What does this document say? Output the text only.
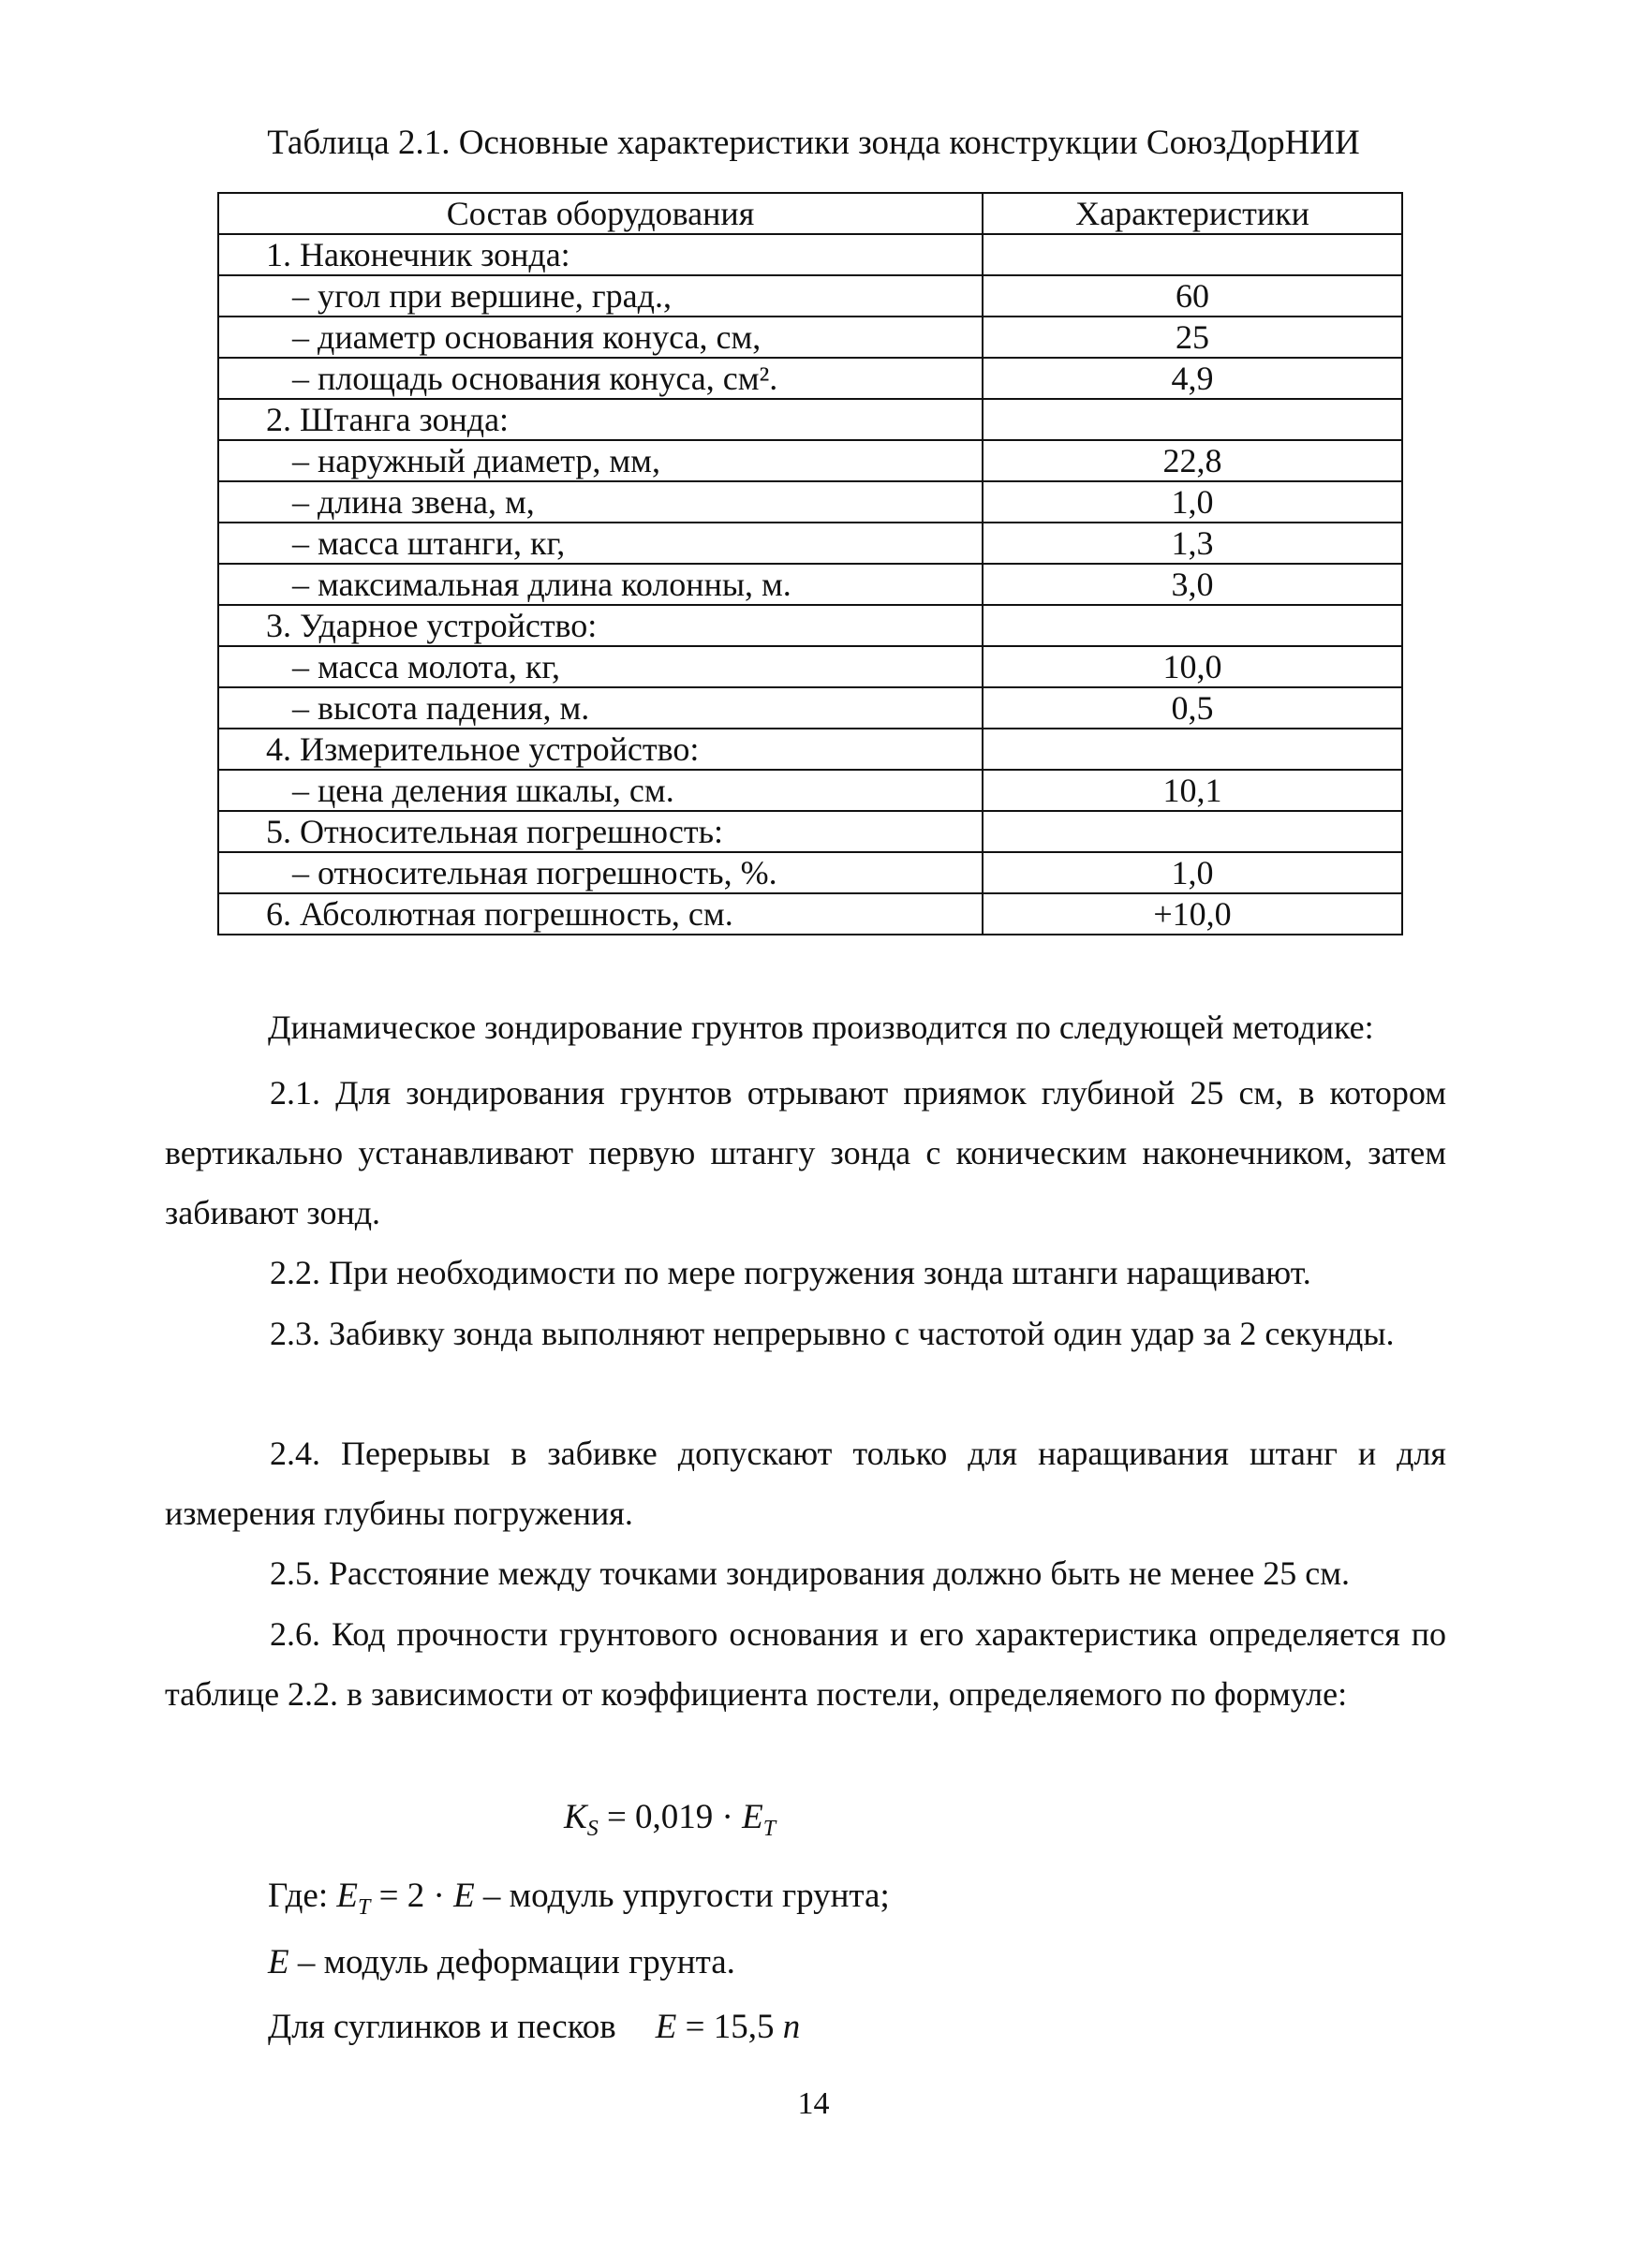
Таблица 2.1. Основные характеристики зонда конструкции СоюзДорНИИ
Состав оборудования	Характеристики
1. Наконечник зонда:	
– угол при вершине, град.,	60
– диаметр основания конуса, см,	25
– площадь основания конуса, см².	4,9
2. Штанга зонда:	
– наружный диаметр, мм,	22,8
– длина звена, м,	1,0
– масса штанги, кг,	1,3
– максимальная длина колонны, м.	3,0
3. Ударное устройство:	
– масса молота, кг,	10,0
– высота падения, м.	0,5
4. Измерительное устройство:	
– цена деления шкалы, см.	10,1
5. Относительная погрешность:	
– относительная погрешность, %.	1,0
6. Абсолютная погрешность, см.	+10,0
Динамическое зондирование грунтов производится по следующей методике:
2.1. Для зондирования грунтов отрывают приямок глубиной 25 см, в котором вертикально устанавливают первую штангу зонда с коническим наконечником, затем забивают зонд.
2.2. При необходимости по мере погружения зонда штанги наращивают.
2.3. Забивку зонда выполняют непрерывно с частотой один удар за 2 секунды.
2.4. Перерывы в забивке допускают только для наращивания штанг и для измерения глубины погружения.
2.5. Расстояние между точками зондирования должно быть не менее 25 см.
2.6. Код прочности грунтового основания и его характеристика определяется по таблице 2.2. в зависимости от коэффициента постели, определяемого по формуле:
$K_S = 0,019 \cdot E_T$
Где: $E_T = 2 \cdot E$ – модуль упругости грунта;
E – модуль деформации грунта.
Для суглинков и песков E = 15,5 n
14
